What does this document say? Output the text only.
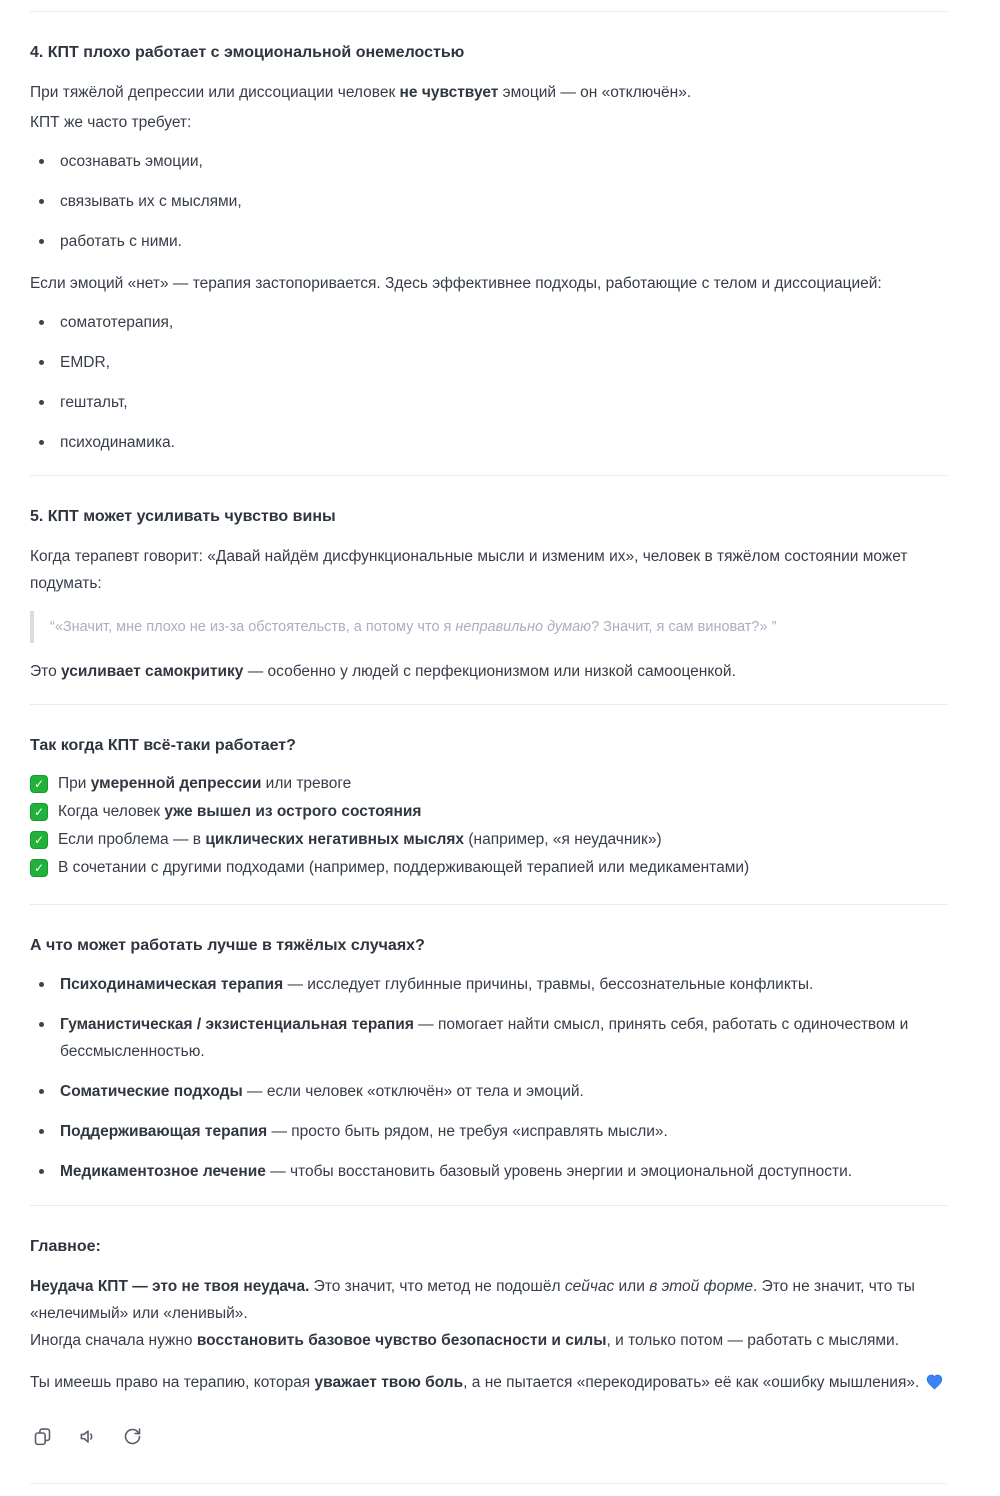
4. КПТ плохо работает с эмоциональной онемелостью

При тяжёлой депрессии или диссоциации человек не чувствует эмоций — он «отключён».

КПТ же часто требует:

осознавать эмоции,
связывать их с мыслями,
работать с ними.

Если эмоций «нет» — терапия застопоривается. Здесь эффективнее подходы, работающие с телом и диссоциацией:

соматотерапия,
EMDR,
гештальт,
психодинамика.
5. КПТ может усиливать чувство вины

Когда терапевт говорит: «Давай найдём дисфункциональные мысли и изменим их», человек в тяжёлом состоянии может подумать:

“«Значит, мне плохо не из-за обстоятельств, а потому что я неправильно думаю? Значит, я сам виноват?» ”

Это усиливает самокритику — особенно у людей с перфекционизмом или низкой самооценкой.

Так когда КПТ всё-таки работает?
✓
При умеренной депрессии или тревоге
✓
Когда человек уже вышел из острого состояния
✓
Если проблема — в циклических негативных мыслях (например, «я неудачник»)
✓
В сочетании с другими подходами (например, поддерживающей терапией или медикаментами)
А что может работать лучше в тяжёлых случаях?
Психодинамическая терапия — исследует глубинные причины, травмы, бессознательные конфликты.
Гуманистическая / экзистенциальная терапия — помогает найти смысл, принять себя, работать с одиночеством и бессмысленностью.
Соматические подходы — если человек «отключён» от тела и эмоций.
Поддерживающая терапия — просто быть рядом, не требуя «исправлять мысли».
Медикаментозное лечение — чтобы восстановить базовый уровень энергии и эмоциональной доступности.
Главное:

Неудача КПТ — это не твоя неудача. Это значит, что метод не подошёл сейчас или в этой форме. Это не значит, что ты «нелечимый» или «ленивый».
Иногда сначала нужно восстановить базовое чувство безопасности и силы, и только потом — работать с мыслями.

Ты имеешь право на терапию, которая уважает твою боль, а не пытается «перекодировать» её как «ошибку мышления».
